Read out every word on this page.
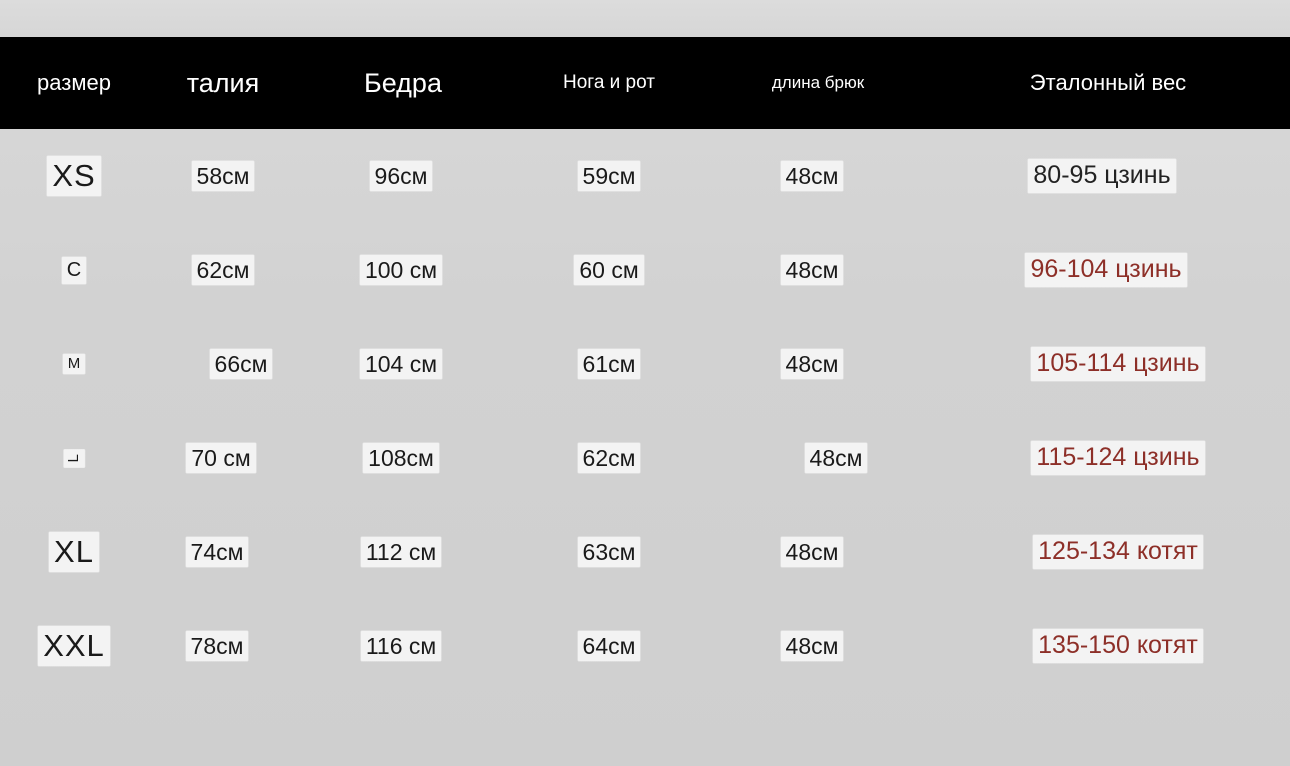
размер	талия	Бедра	Нога и рот	длина брюк	Эталонный вес
XS	58см	96см	59см	48см	80-95 цзинь
C	62см	100 см	60 см	48см	96-104 цзинь
M	66см	104 см	61см	48см	105-114 цзинь
L	70 см	108см	62см	48см	115-124 цзинь
XL	74см	112 см	63см	48см	125-134 котят
XXL	78см	116 см	64см	48см	135-150 котят
